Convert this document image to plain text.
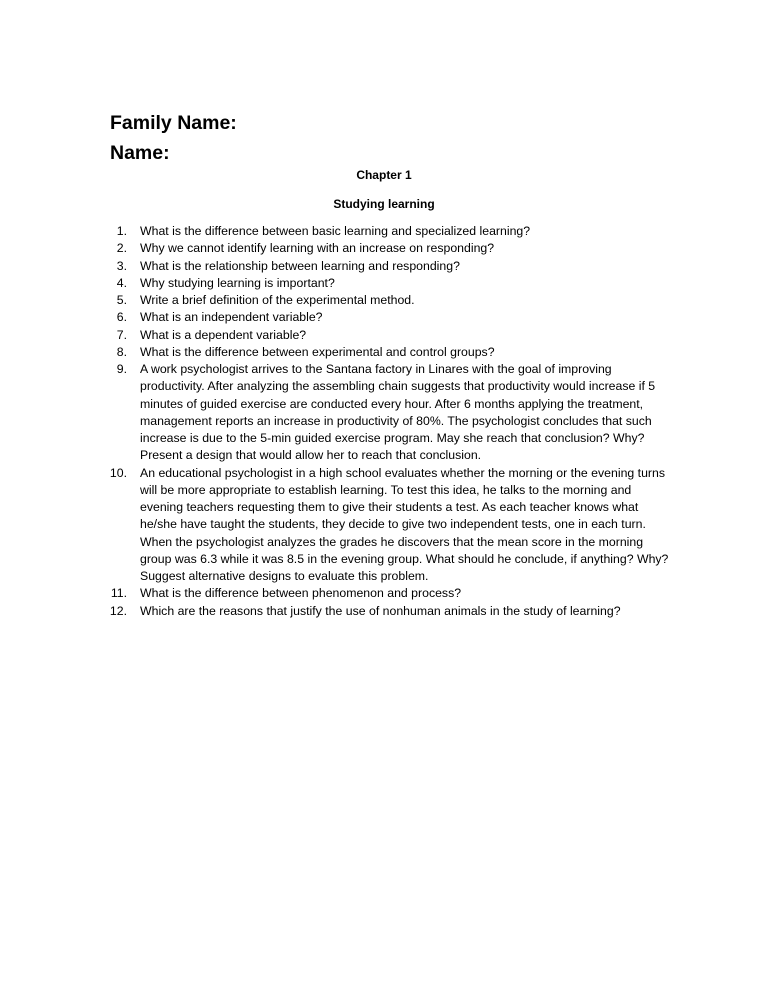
Family Name:
Name:

Chapter 1

Studying learning

1. What is the difference between basic learning and specialized learning?
2. Why we cannot identify learning with an increase on responding?
3. What is the relationship between learning and responding?
4. Why studying learning is important?
5. Write a brief definition of the experimental method.
6. What is an independent variable?
7. What is a dependent variable?
8. What is the difference between experimental and control groups?
9. A work psychologist arrives to the Santana factory in Linares with the goal of improving
productivity. After analyzing the assembling chain suggests that productivity would increase if 5
minutes of guided exercise are conducted every hour. After 6 months applying the treatment,
management reports an increase in productivity of 80%. The psychologist concludes that such
increase is due to the 5-min guided exercise program. May she reach that conclusion? Why?
Present a design that would allow her to reach that conclusion.
10. An educational psychologist in a high school evaluates whether the morning or the evening turns
will be more appropriate to establish learning. To test this idea, he talks to the morning and
evening teachers requesting them to give their students a test. As each teacher knows what
he/she have taught the students, they decide to give two independent tests, one in each turn.
When the psychologist analyzes the grades he discovers that the mean score in the morning
group was 6.3 while it was 8.5 in the evening group. What should he conclude, if anything? Why?
Suggest alternative designs to evaluate this problem.
11. What is the difference between phenomenon and process?
12. Which are the reasons that justify the use of nonhuman animals in the study of learning?
